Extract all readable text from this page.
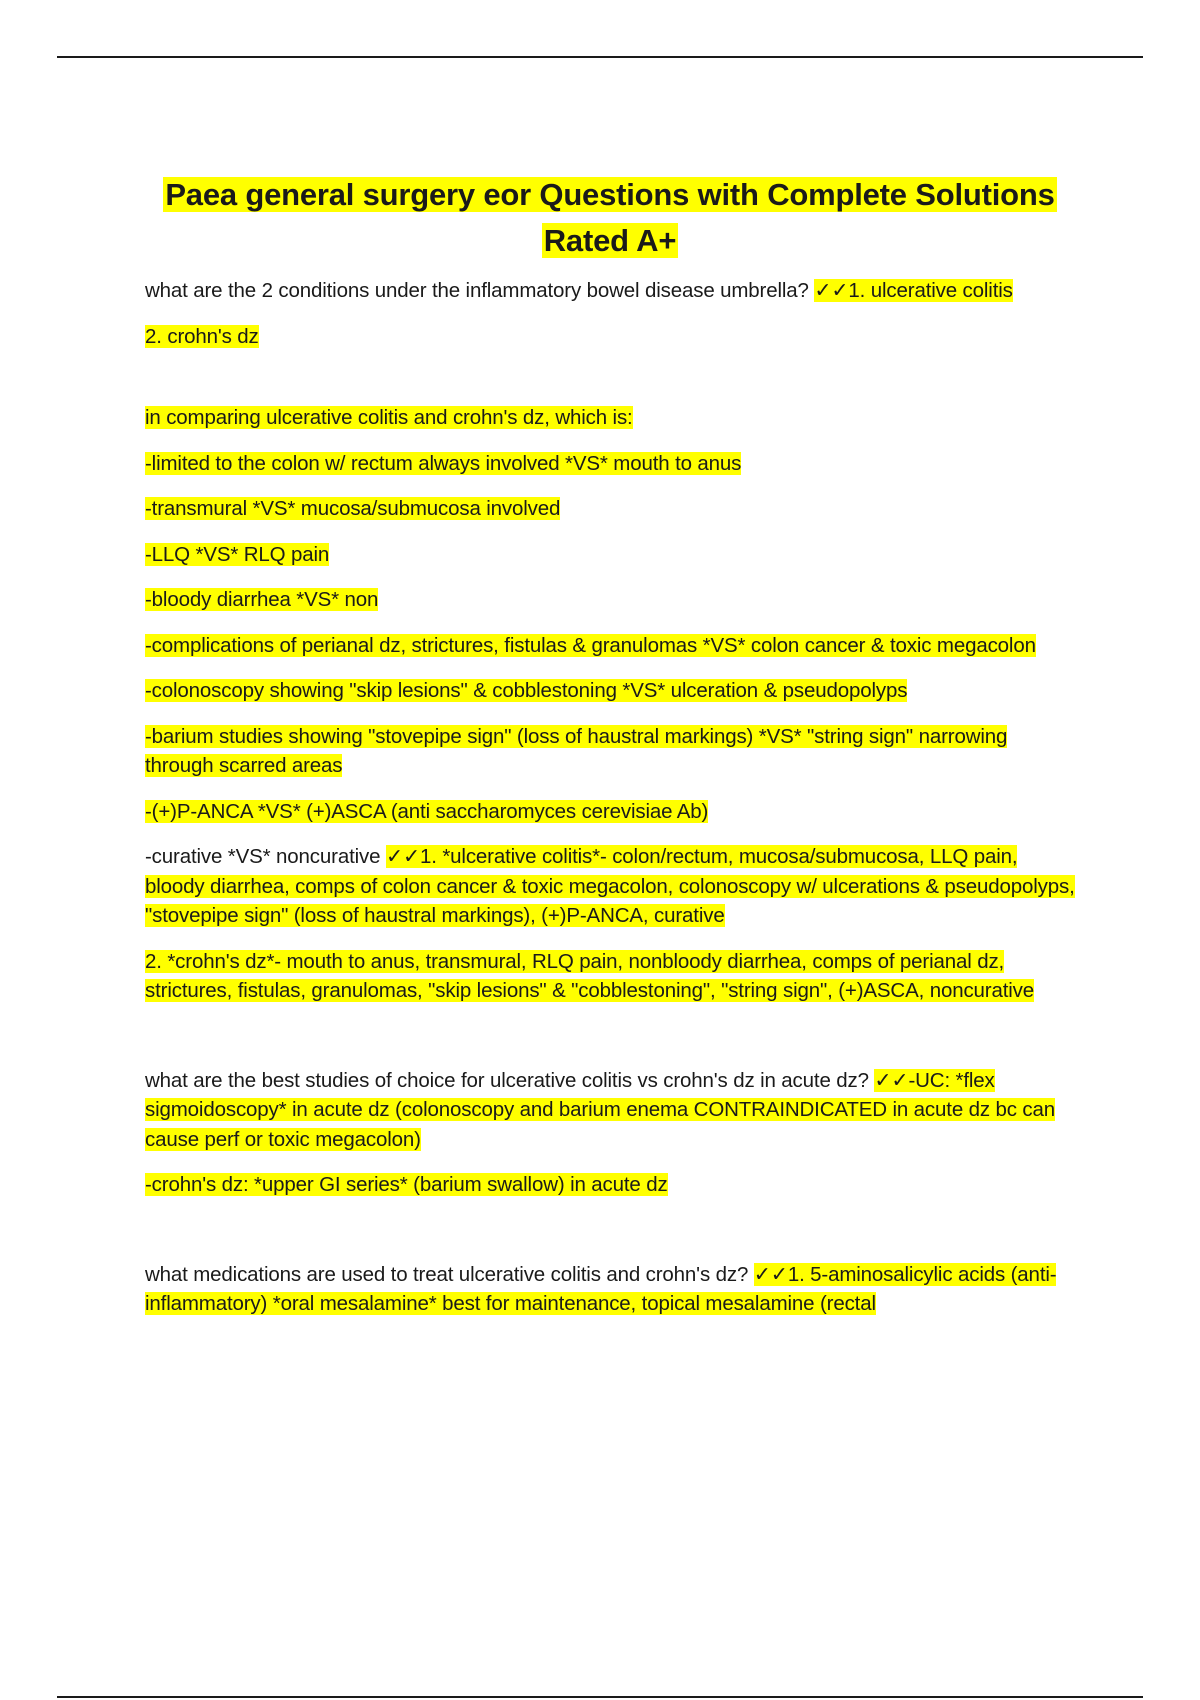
Paea general surgery eor Questions with Complete Solutions
Rated A+
what are the 2 conditions under the inflammatory bowel disease umbrella? ✓✓1. ulcerative colitis
2. crohn's dz
in comparing ulcerative colitis and crohn's dz, which is:
-limited to the colon w/ rectum always involved *VS* mouth to anus
-transmural *VS* mucosa/submucosa involved
-LLQ *VS* RLQ pain
-bloody diarrhea *VS* non
-complications of perianal dz, strictures, fistulas & granulomas *VS* colon cancer & toxic megacolon
-colonoscopy showing "skip lesions" & cobblestoning *VS* ulceration & pseudopolyps
-barium studies showing "stovepipe sign" (loss of haustral markings) *VS* "string sign" narrowing through scarred areas
-(+)P-ANCA *VS* (+)ASCA (anti saccharomyces cerevisiae Ab)
-curative *VS* noncurative ✓✓1. *ulcerative colitis*- colon/rectum, mucosa/submucosa, LLQ pain, bloody diarrhea, comps of colon cancer & toxic megacolon, colonoscopy w/ ulcerations & pseudopolyps, "stovepipe sign" (loss of haustral markings), (+)P-ANCA, curative
2. *crohn's dz*- mouth to anus, transmural, RLQ pain, nonbloody diarrhea, comps of perianal dz, strictures, fistulas, granulomas, "skip lesions" & "cobblestoning", "string sign", (+)ASCA, noncurative
what are the best studies of choice for ulcerative colitis vs crohn's dz in acute dz? ✓✓-UC: *flex sigmoidoscopy* in acute dz (colonoscopy and barium enema CONTRAINDICATED in acute dz bc can cause perf or toxic megacolon)
-crohn's dz: *upper GI series* (barium swallow) in acute dz
what medications are used to treat ulcerative colitis and crohn's dz? ✓✓1. 5-aminosalicylic acids (anti-inflammatory) *oral mesalamine* best for maintenance, topical mesalamine (rectal
